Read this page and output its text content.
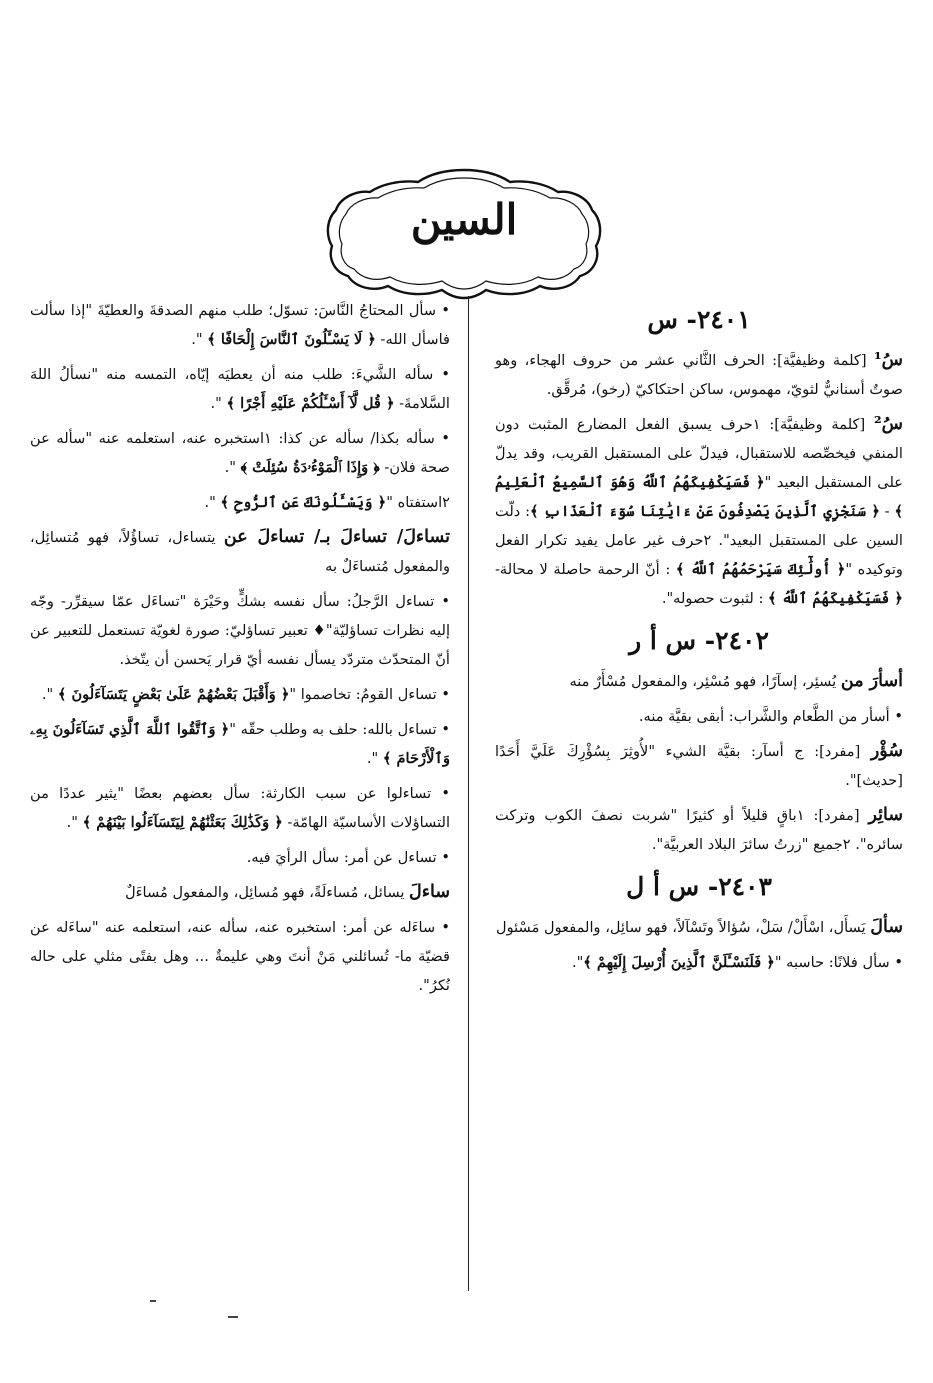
السين
٢٤٠١- س

سُ¹ [كلمة وظيفيَّة]: الحرف الثَّاني عشر من حروف الهجاء، وهو صوتٌ أسنانيٌّ لثويّ، مهموس، ساكن احتكاكيّ (رخو)، مُرقَّق.

سُ² [كلمة وظيفيَّة]: ١حرف يسبق الفعل المضارع المثبت دون المنفي فيخصِّصه للاستقبال، فيدلّ على المستقبل القريب، وقد يدلّ على المستقبل البعيد "﴿ فَسَيَكْفِيكَهُمُ ٱللَّهُ وَهُوَ ٱلسَّمِيعُ ٱلْعَلِيمُ ﴾ - ﴿ سَنَجْزِي ٱلَّذِينَ يَصْدِفُونَ عَنْ ءَايَٰتِنَا سُوٓءَ ٱلْعَذَابِ ﴾: دلّت السين على المستقبل البعيد". ٢حرف غير عامل يفيد تكرار الفعل وتوكيده "﴿ أُولَٰٓئِكَ سَيَرْحَمُهُمُ ٱللَّهُ ﴾ : أنّ الرحمة حاصلة لا محالة- ﴿ فَسَيَكْفِيكَهُمُ ٱللَّهُ ﴾ : لثبوت حصوله".

٢٤٠٢- س أ ر

أسأرَ من يُسئِر، إسآرًا، فهو مُسْئِر، والمفعول مُسْأَرٌ منه

• أسأر من الطَّعام والشَّراب: أبقى بقيَّة منه.

سُؤْر [مفرد]: ج أسآر: بقيَّة الشيء "لأُوثِرَ بِسُؤْرِكَ عَلَيَّ أَحَدًا [حديث]".

سائِر [مفرد]: ١باقٍ قليلاً أو كثيرًا "شربت نصفَ الكوب وتركت سائره". ٢جميع "زرتُ سائرَ البلاد العربيَّة".

٢٤٠٣- س أ ل

سألَ يَسأَل، اسْأَلْ/ سَلْ، سُؤالاً وتَسْآلاً، فهو سائِل، والمفعول مَسْئول

• سأل فلانًا: حاسبه "﴿ فَلَنَسْـَٔلَنَّ ٱلَّذِينَ أُرْسِلَ إِلَيْهِمْ ﴾".

• سأل المحتاجُ النَّاسَ: تسوّل؛ طلب منهم الصدقةَ والعطيّةَ "إذا سألت فاسأل الله- ﴿ لَا يَسْـَٔلُونَ ٱلنَّاسَ إِلْحَافًا ﴾ ".

• سأله الشَّيءَ: طلب منه أن يعطيَه إيّاه، التمسه منه "نسألُ اللهَ السَّلامةَ- ﴿ قُل لَّآ أَسْـَٔلُكُمْ عَلَيْهِ أَجْرًا ﴾ ".

• سأله بكذا/ سأله عن كذا: ١استخبره عنه، استعلمه عنه "سأله عن صحة فلان- ﴿ وَإِذَا ٱلْمَوْءُۥدَةُ سُئِلَتْ ﴾ ".

٢استفتاه "﴿ وَيَسْـَٔلُونَكَ عَنِ ٱلرُّوحِ ﴾ ".

تساءلَ/ تساءلَ بـ/ تساءلَ عن يتساءل، تساؤُلاً، فهو مُتسائِل، والمفعول مُتساءَلٌ به

• تساءل الرَّجلُ: سأل نفسه بشكٍّ وحَيْرَة "تساءَل عمّا سيقرِّر- وجّه إليه نظرات تساؤليّة"♦ تعبير تساؤليّ: صورة لغويّة تستعمل للتعبير عن أنّ المتحدّث متردّد يسأل نفسه أيّ قرار يَحسن أن يتّخذ.

• تساءل القومُ: تخاصموا "﴿ وَأَقْبَلَ بَعْضُهُمْ عَلَىٰ بَعْضٍ يَتَسَآءَلُونَ ﴾ ".

• تساءل بالله: حلف به وطلب حقّه "﴿ وَٱتَّقُوا ٱللَّهَ ٱلَّذِي تَسَآءَلُونَ بِهِۦ وَٱلْأَرْحَامَ ﴾ ".

• تساءلوا عن سبب الكارثة: سأل بعضهم بعضًا "يثير عددًا من التساؤلات الأساسيّة الهامّة- ﴿ وَكَذَٰلِكَ بَعَثْنَٰهُمْ لِيَتَسَآءَلُوا بَيْنَهُمْ ﴾ ".

• تساءل عن أمر: سأل الرأيَ فيه.

ساءلَ يسائل، مُساءلَةً، فهو مُسائِل، والمفعول مُساءَلٌ

• ساءَله عن أمر: استخبره عنه، سأله عنه، استعلمه عنه "ساءَله عن قضيّة ما- تُسائلني مَنْ أنتَ وهي عليمةٌ ... وهل بفتًى مثلي على حاله نُكرُ".
